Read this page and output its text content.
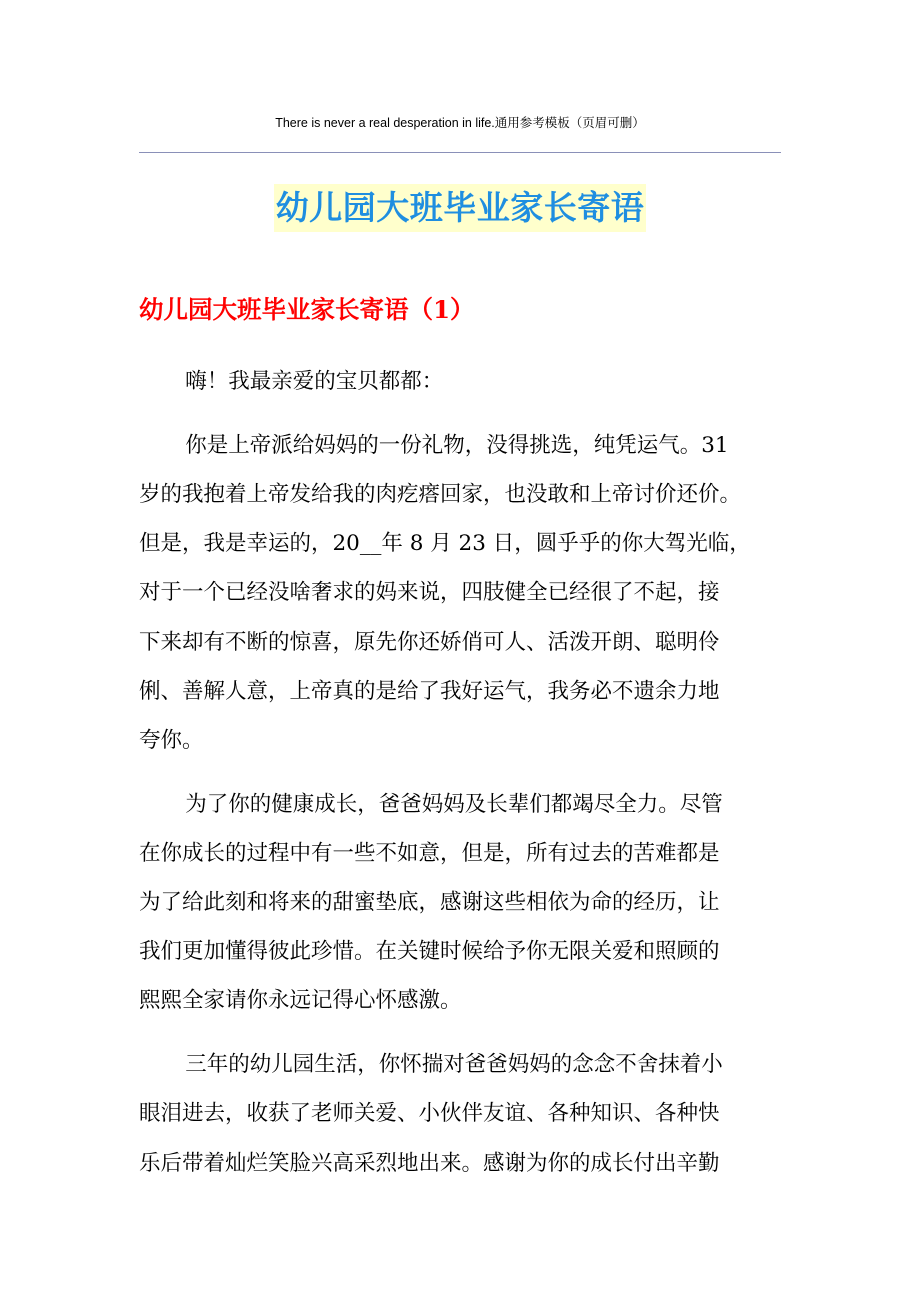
There is never a real desperation in life.通用参考模板（页眉可删）
幼儿园大班毕业家长寄语
幼儿园大班毕业家长寄语（1）
嗨！我最亲爱的宝贝都都：
你是上帝派给妈妈的一份礼物，没得挑选，纯凭运气。31
岁的我抱着上帝发给我的肉疙瘩回家，也没敢和上帝讨价还价。
但是，我是幸运的，20__年 8 月 23 日，圆乎乎的你大驾光临，
对于一个已经没啥奢求的妈来说，四肢健全已经很了不起，接
下来却有不断的惊喜，原先你还娇俏可人、活泼开朗、聪明伶
俐、善解人意，上帝真的是给了我好运气，我务必不遗余力地
夸你。
为了你的健康成长，爸爸妈妈及长辈们都竭尽全力。尽管
在你成长的过程中有一些不如意，但是，所有过去的苦难都是
为了给此刻和将来的甜蜜垫底，感谢这些相依为命的经历，让
我们更加懂得彼此珍惜。在关键时候给予你无限关爱和照顾的
熙熙全家请你永远记得心怀感激。
三年的幼儿园生活，你怀揣对爸爸妈妈的念念不舍抹着小
眼泪进去，收获了老师关爱、小伙伴友谊、各种知识、各种快
乐后带着灿烂笑脸兴高采烈地出来。感谢为你的成长付出辛勤
